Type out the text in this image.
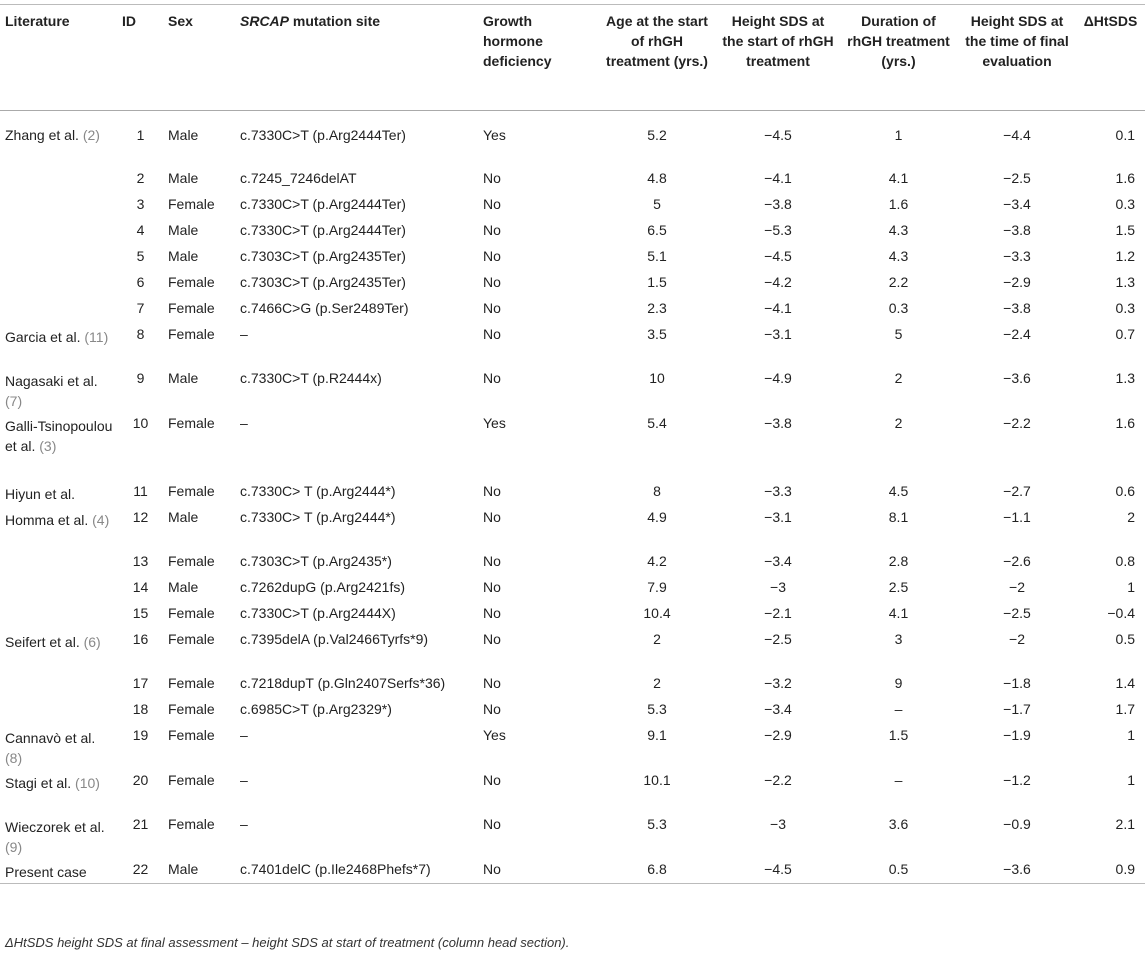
Literature	ID	Sex	SRCAP mutation site	Growth hormone deficiency	Age at the start of rhGH treatment (yrs.)	Height SDS at the start of rhGH treatment	Duration of rhGH treatment (yrs.)	Height SDS at the time of final evaluation	ΔHtSDS
Zhang et al. (2)	1	Male	c.7330C>T (p.Arg2444Ter)	Yes	5.2	−4.5	1	−4.4	0.1
	2	Male	c.7245_7246delAT	No	4.8	−4.1	4.1	−2.5	1.6
	3	Female	c.7330C>T (p.Arg2444Ter)	No	5	−3.8	1.6	−3.4	0.3
	4	Male	c.7330C>T (p.Arg2444Ter)	No	6.5	−5.3	4.3	−3.8	1.5
	5	Male	c.7303C>T (p.Arg2435Ter)	No	5.1	−4.5	4.3	−3.3	1.2
	6	Female	c.7303C>T (p.Arg2435Ter)	No	1.5	−4.2	2.2	−2.9	1.3
	7	Female	c.7466C>G (p.Ser2489Ter)	No	2.3	−4.1	0.3	−3.8	0.3
Garcia et al. (11)	8	Female	–	No	3.5	−3.1	5	−2.4	0.7
Nagasaki et al. (7)	9	Male	c.7330C>T (p.R2444x)	No	10	−4.9	2	−3.6	1.3
Galli-Tsinopoulou et al. (3)	10	Female	–	Yes	5.4	−3.8	2	−2.2	1.6
Hiyun et al.	11	Female	c.7330C> T (p.Arg2444*)	No	8	−3.3	4.5	−2.7	0.6
Homma et al. (4)	12	Male	c.7330C> T (p.Arg2444*)	No	4.9	−3.1	8.1	−1.1	2
	13	Female	c.7303C>T (p.Arg2435*)	No	4.2	−3.4	2.8	−2.6	0.8
	14	Male	c.7262dupG (p.Arg2421fs)	No	7.9	−3	2.5	−2	1
	15	Female	c.7330C>T (p.Arg2444X)	No	10.4	−2.1	4.1	−2.5	−0.4
Seifert et al. (6)	16	Female	c.7395delA (p.Val2466Tyrfs*9)	No	2	−2.5	3	−2	0.5
	17	Female	c.7218dupT (p.Gln2407Serfs*36)	No	2	−3.2	9	−1.8	1.4
	18	Female	c.6985C>T (p.Arg2329*)	No	5.3	−3.4	–	−1.7	1.7
Cannavò et al. (8)	19	Female	–	Yes	9.1	−2.9	1.5	−1.9	1
Stagi et al. (10)	20	Female	–	No	10.1	−2.2	–	−1.2	1
Wieczorek et al. (9)	21	Female	–	No	5.3	−3	3.6	−0.9	2.1
Present case	22	Male	c.7401delC (p.Ile2468Phefs*7)	No	6.8	−4.5	0.5	−3.6	0.9
ΔHtSDS height SDS at final assessment – height SDS at start of treatment (column head section).
